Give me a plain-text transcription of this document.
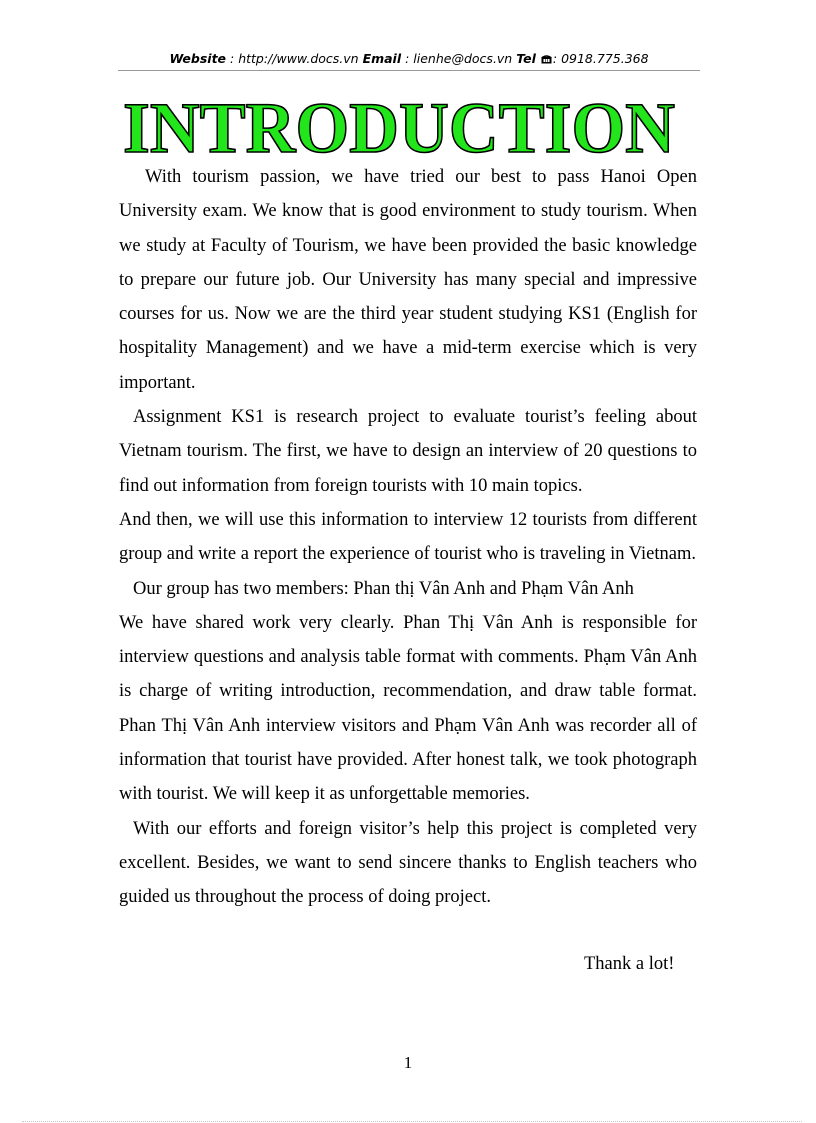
Website : http://www.docs.vn Email : lienhe@docs.vn Tel : 0918.775.368
INTRODUCTION

With tourism passion, we have tried our best to pass Hanoi Open University exam. We know that is good environment to study tourism. When we study at Faculty of Tourism, we have been provided the basic knowledge to prepare our future job. Our University has many special and impressive courses for us. Now we are the third year student studying KS1 (English for hospitality Management) and we have a mid-term exercise which is very important.

Assignment KS1 is research project to evaluate tourist’s feeling about Vietnam tourism. The first, we have to design an interview of 20 questions to find out information from foreign tourists with 10 main topics.

And then, we will use this information to interview 12 tourists from different group and write a report the experience of tourist who is traveling in Vietnam.

Our group has two members: Phan thị Vân Anh and Phạm Vân Anh

We have shared work very clearly. Phan Thị Vân Anh is responsible for interview questions and analysis table format with comments. Phạm Vân Anh is charge of writing introduction, recommendation, and draw table format. Phan Thị Vân Anh interview visitors and Phạm Vân Anh was recorder all of information that tourist have provided. After honest talk, we took photograph with tourist. We will keep it as unforgettable memories.

With our efforts and foreign visitor’s help this project is completed very excellent. Besides, we want to send sincere thanks to English teachers who guided us throughout the process of doing project.

Thank a lot!
1
